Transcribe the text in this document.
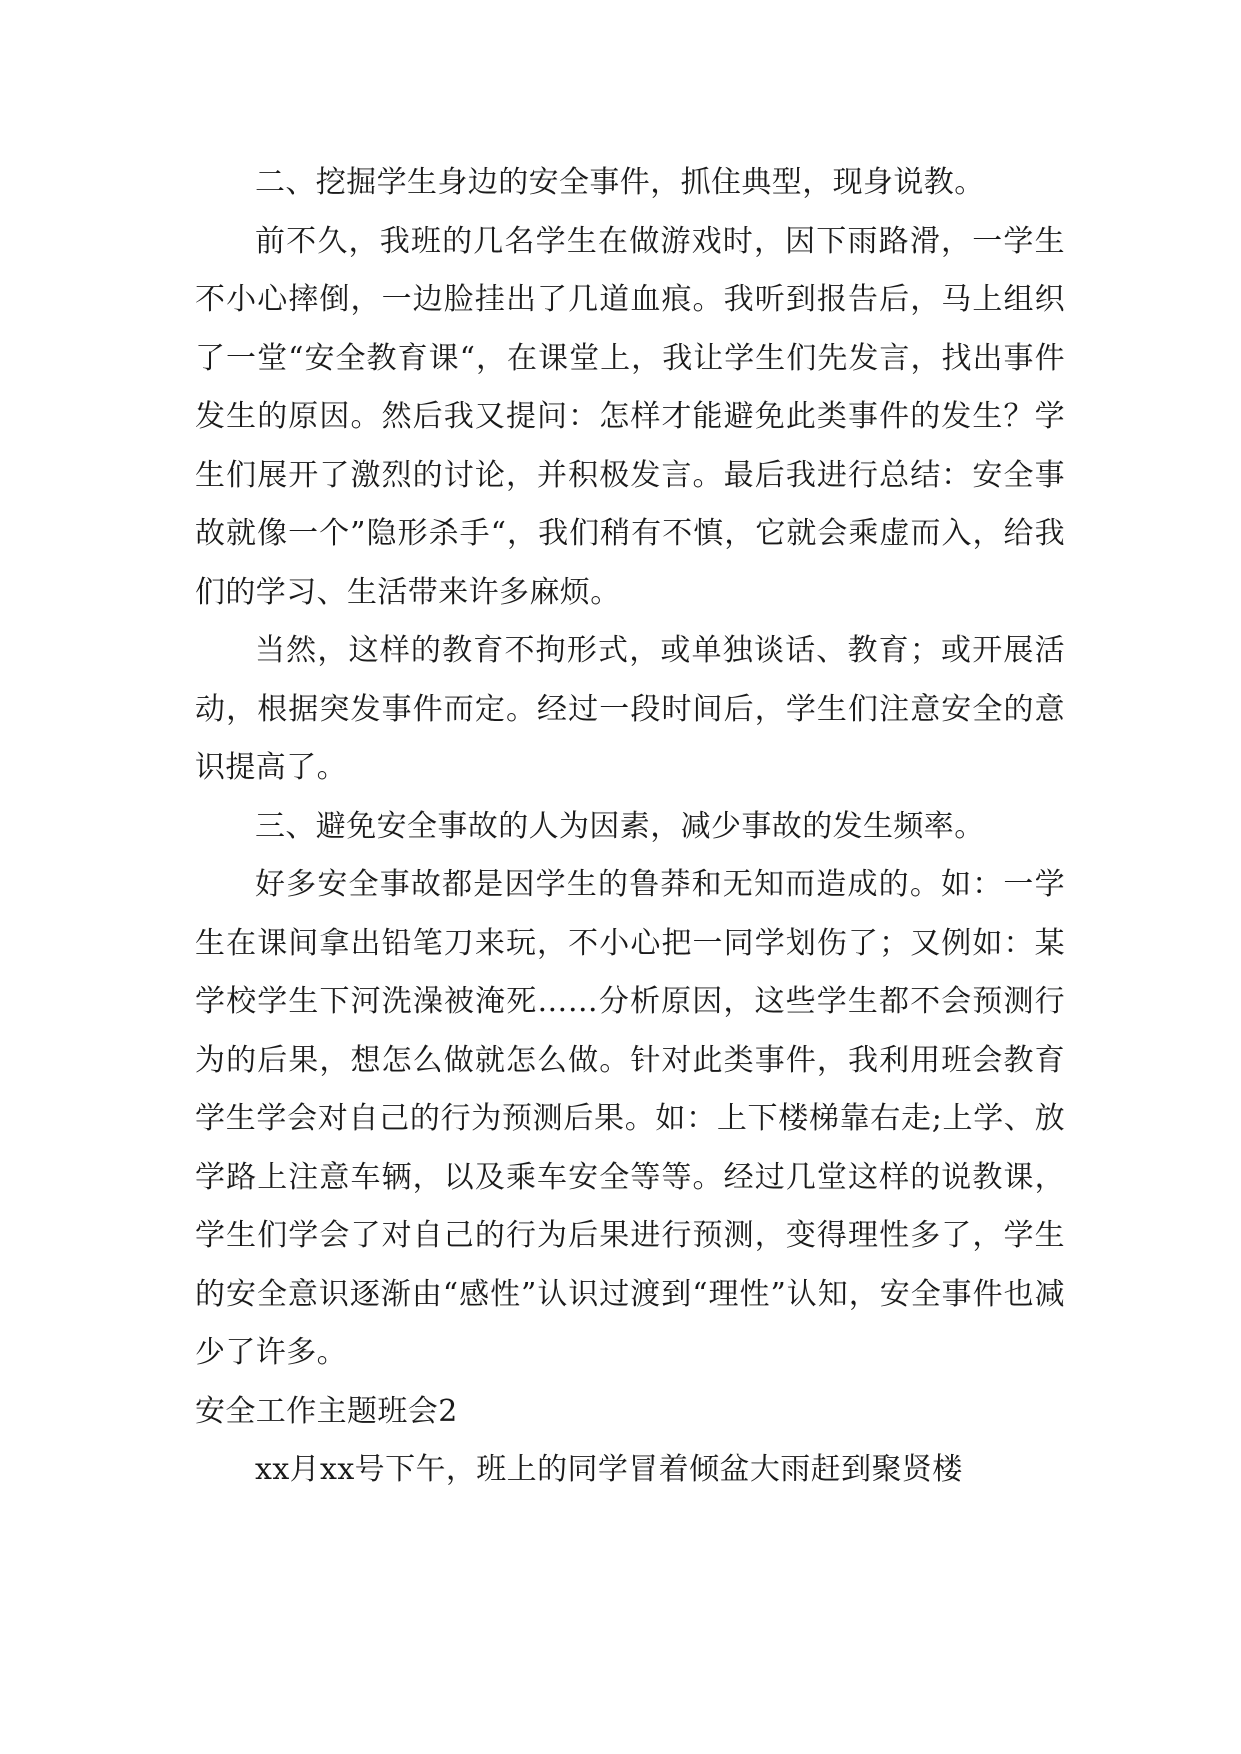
二、挖掘学生身边的安全事件，抓住典型，现身说教。

前不久，我班的几名学生在做游戏时，因下雨路滑，一学生不小心摔倒，一边脸挂出了几道血痕。我听到报告后，马上组织了一堂“安全教育课“，在课堂上，我让学生们先发言，找出事件发生的原因。然后我又提问：怎样才能避免此类事件的发生？学生们展开了激烈的讨论，并积极发言。最后我进行总结：安全事故就像一个”隐形杀手“，我们稍有不慎，它就会乘虚而入，给我们的学习、生活带来许多麻烦。

当然，这样的教育不拘形式，或单独谈话、教育；或开展活动，根据突发事件而定。经过一段时间后，学生们注意安全的意识提高了。

三、避免安全事故的人为因素，减少事故的发生频率。

好多安全事故都是因学生的鲁莽和无知而造成的。如：一学生在课间拿出铅笔刀来玩，不小心把一同学划伤了；又例如：某学校学生下河洗澡被淹死……分析原因，这些学生都不会预测行为的后果，想怎么做就怎么做。针对此类事件，我利用班会教育学生学会对自己的行为预测后果。如：上下楼梯靠右走;上学、放学路上注意车辆，以及乘车安全等等。经过几堂这样的说教课，学生们学会了对自己的行为后果进行预测，变得理性多了，学生的安全意识逐渐由“感性”认识过渡到“理性”认知，安全事件也减少了许多。

安全工作主题班会2

xx月xx号下午，班上的同学冒着倾盆大雨赶到聚贤楼
